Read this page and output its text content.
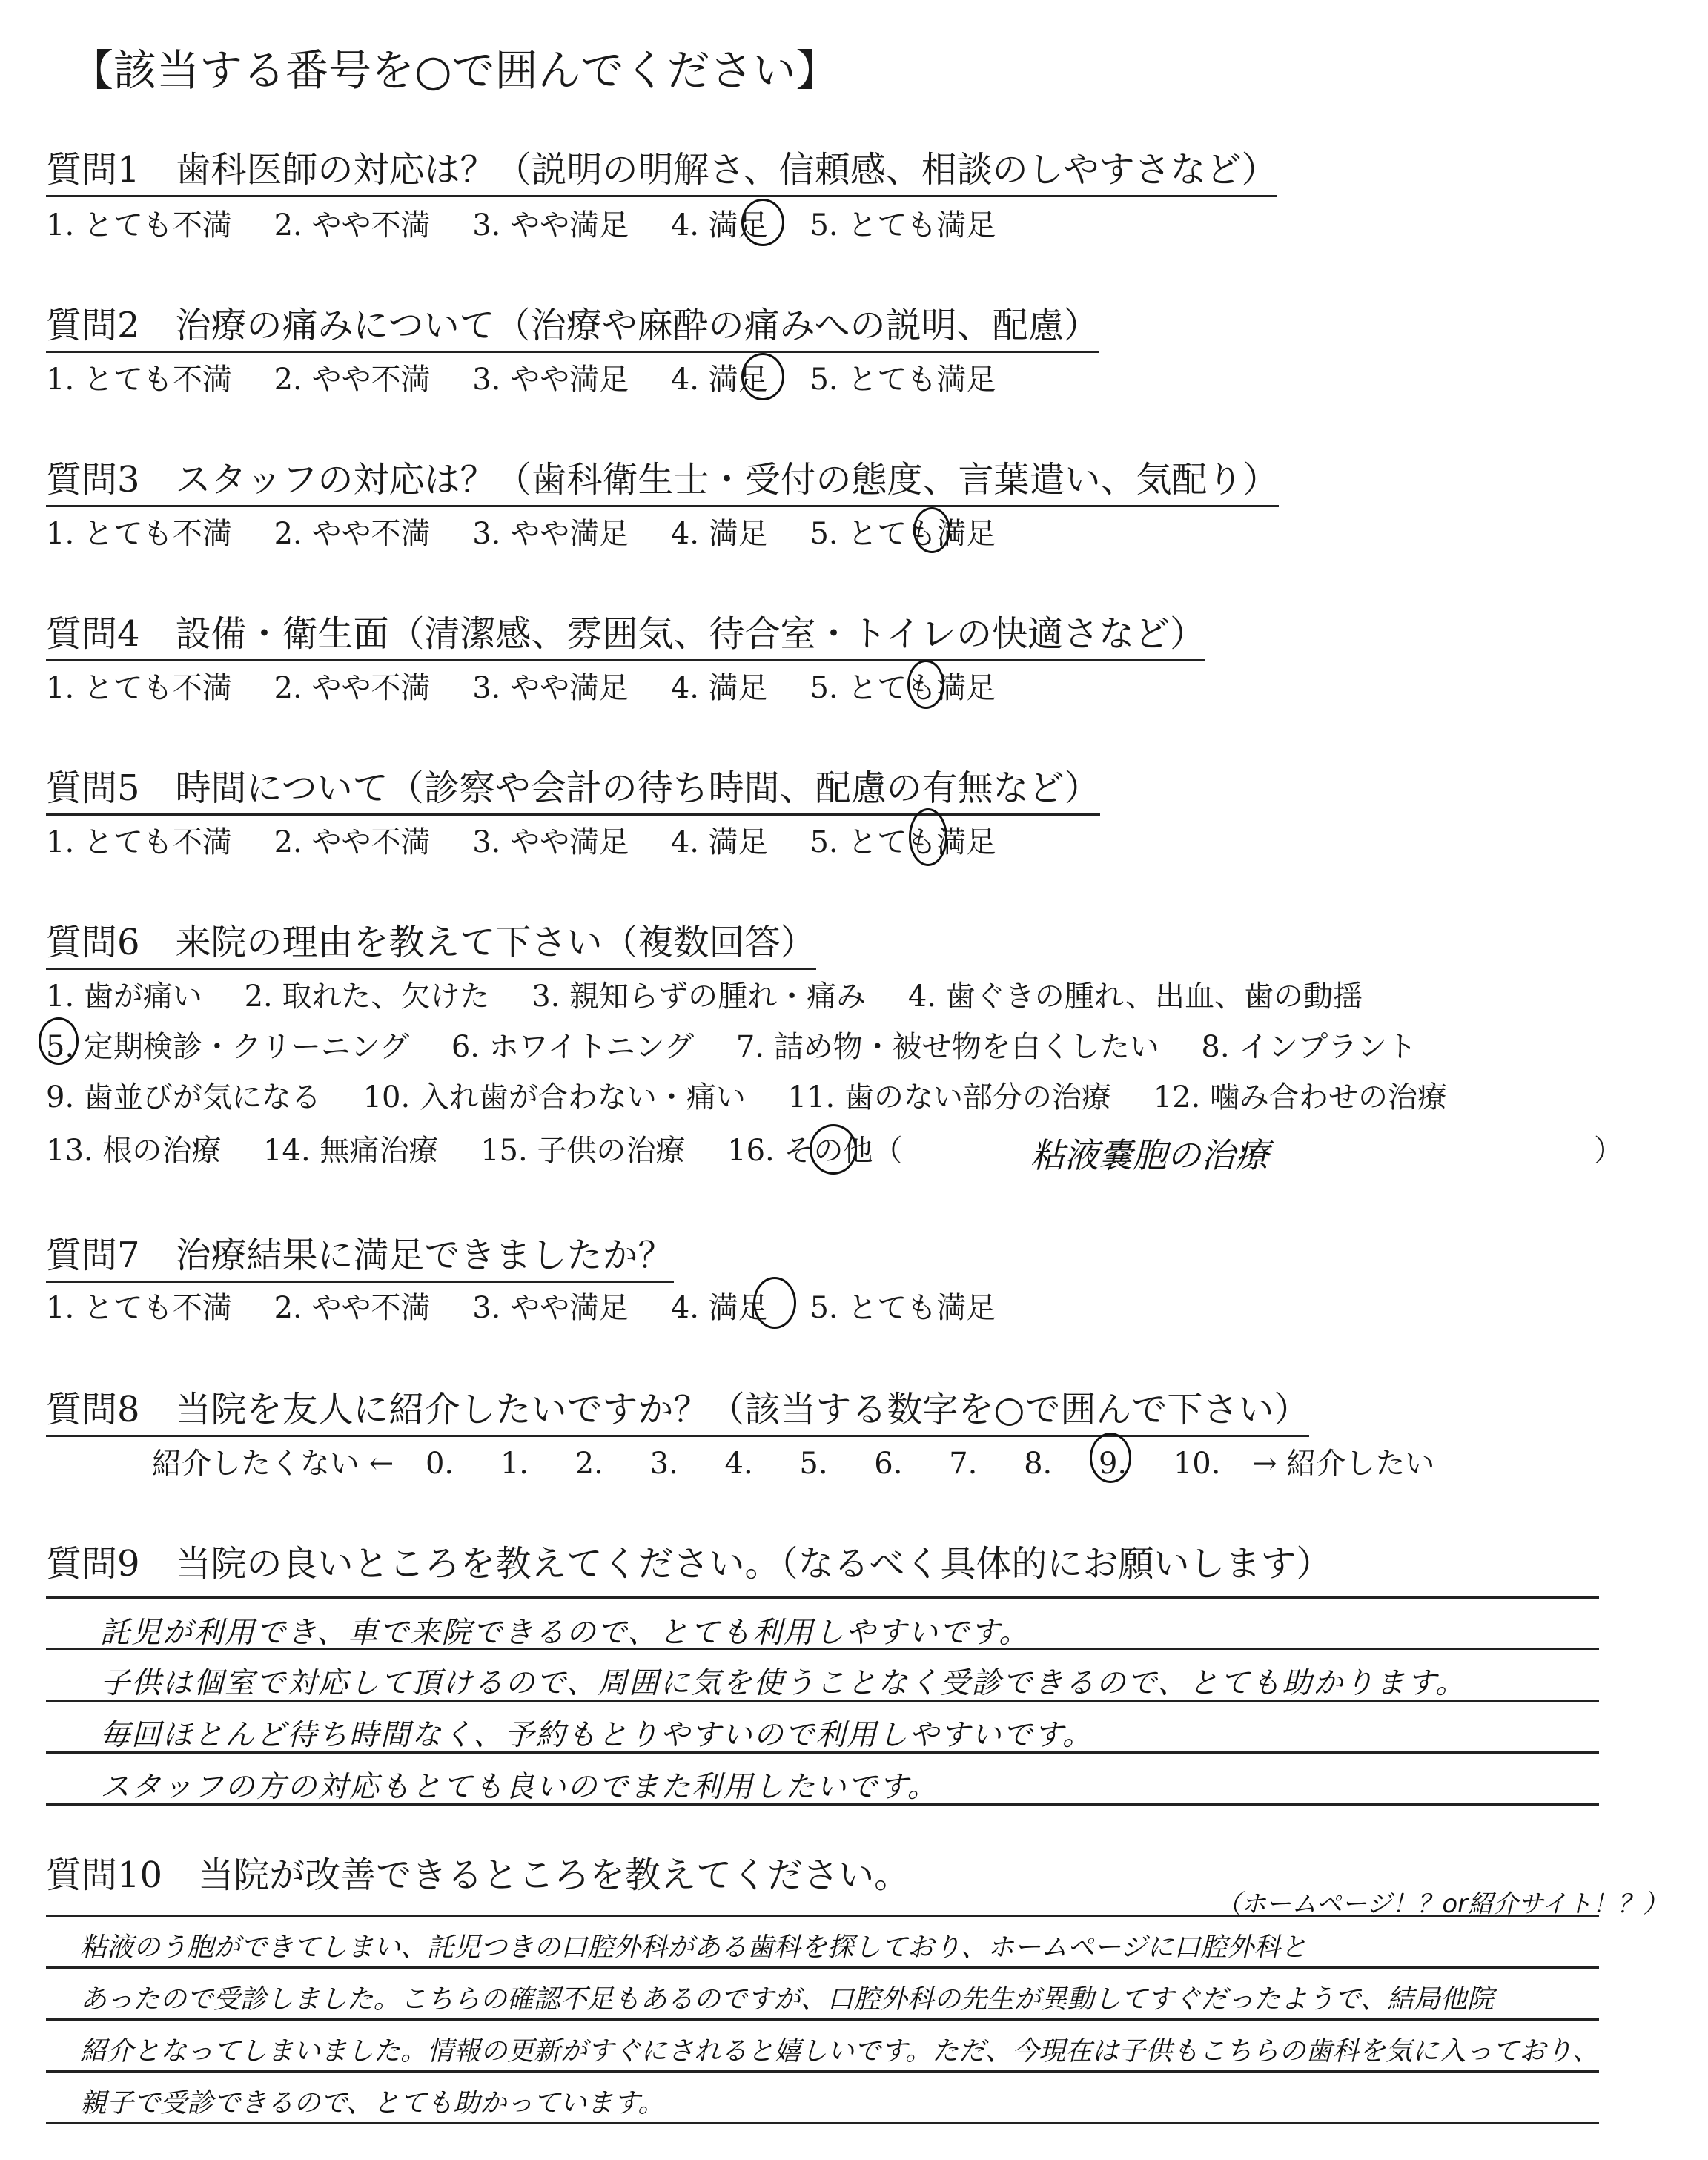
【該当する番号を○で囲んでください】
質問1　歯科医師の対応は？（説明の明解さ、信頼感、相談のしやすさなど）
1. とても不満 2. やや不満 3. やや満足 4. 満足 5. とても満足
質問2　治療の痛みについて（治療や麻酔の痛みへの説明、配慮）
1. とても不満 2. やや不満 3. やや満足 4. 満足 5. とても満足
質問3　スタッフの対応は？（歯科衛生士・受付の態度、言葉遣い、気配り）
1. とても不満 2. やや不満 3. やや満足 4. 満足 5. とても満足
質問4　設備・衛生面（清潔感、雰囲気、待合室・トイレの快適さなど）
1. とても不満 2. やや不満 3. やや満足 4. 満足 5. とても満足
質問5　時間について（診察や会計の待ち時間、配慮の有無など）
1. とても不満 2. やや不満 3. やや満足 4. 満足 5. とても満足
質問6　来院の理由を教えて下さい（複数回答）
1. 歯が痛い 2. 取れた、欠けた 3. 親知らずの腫れ・痛み 4. 歯ぐきの腫れ、出血、歯の動揺
5. 定期検診・クリーニング 6. ホワイトニング 7. 詰め物・被せ物を白くしたい 8. インプラント
9. 歯並びが気になる 10. 入れ歯が合わない・痛い 11. 歯のない部分の治療 12. 噛み合わせの治療
13. 根の治療 14. 無痛治療 15. 子供の治療 16. その他（	粘液嚢胞の治療	）
質問7　治療結果に満足できましたか？
1. とても不満 2. やや不満 3. やや満足 4. 満足 5. とても満足
質問8　当院を友人に紹介したいですか？（該当する数字を○で囲んで下さい）
紹介したくない ← 0. 1. 2. 3. 4. 5. 6. 7. 8. 9. 10. → 紹介したい
質問9　当院の良いところを教えてください。（なるべく具体的にお願いします）
託児が利用でき、車で来院できるので、とても利用しやすいです。
子供は個室で対応して頂けるので、周囲に気を使うことなく受診できるので、とても助かります。
毎回ほとんど待ち時間なく、予約もとりやすいので利用しやすいです。
スタッフの方の対応もとても良いのでまた利用したいです。
質問10　当院が改善できるところを教えてください。
（ホームページ！？or紹介サイト！？）
粘液のう胞ができてしまい、託児つきの口腔外科がある歯科を探しており、ホームページに口腔外科と
あったので受診しました。こちらの確認不足もあるのですが、口腔外科の先生が異動してすぐだったようで、結局他院
紹介となってしまいました。情報の更新がすぐにされると嬉しいです。ただ、今現在は子供もこちらの歯科を気に入っており、
親子で受診できるので、とても助かっています。
